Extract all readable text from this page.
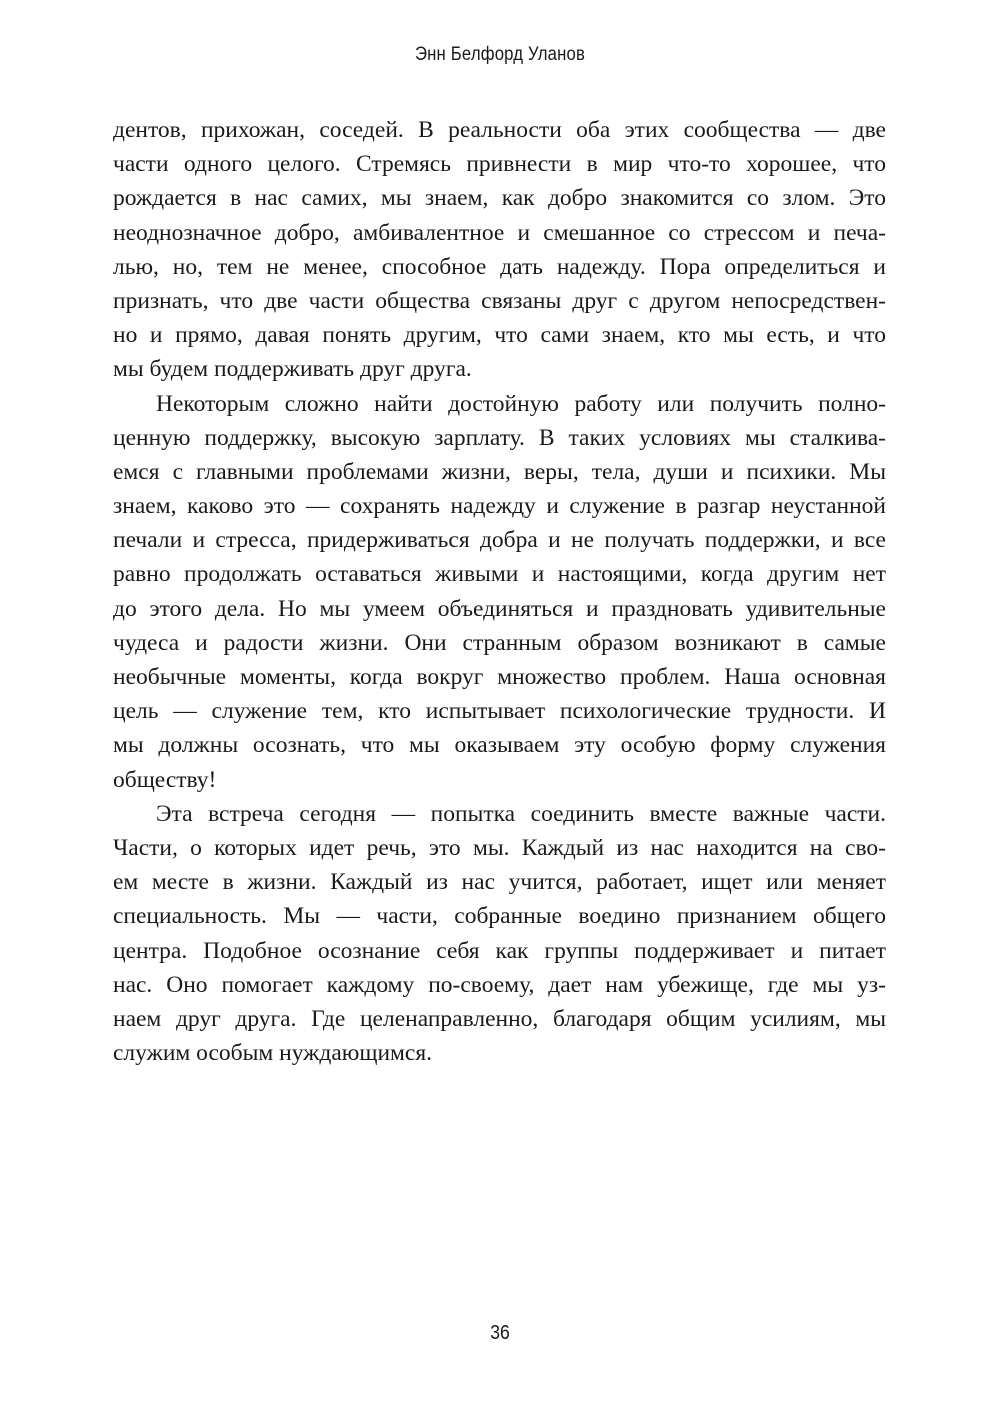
Энн Белфорд Уланов
дентов, прихожан, соседей. В реальности оба этих сообщества — две
части одного целого. Стремясь привнести в мир что-то хорошее, что
рождается в нас самих, мы знаем, как добро знакомится со злом. Это
неоднозначное добро, амбивалентное и смешанное со стрессом и печа-
лью, но, тем не менее, способное дать надежду. Пора определиться и
признать, что две части общества связаны друг с другом непосредствен-
но и прямо, давая понять другим, что сами знаем, кто мы есть, и что
мы будем поддерживать друг друга.
Некоторым сложно найти достойную работу или получить полно-
ценную поддержку, высокую зарплату. В таких условиях мы сталкива-
емся с главными проблемами жизни, веры, тела, души и психики. Мы
знаем, каково это — сохранять надежду и служение в разгар неустанной
печали и стресса, придерживаться добра и не получать поддержки, и все
равно продолжать оставаться живыми и настоящими, когда другим нет
до этого дела. Но мы умеем объединяться и праздновать удивительные
чудеса и радости жизни. Они странным образом возникают в самые
необычные моменты, когда вокруг множество проблем. Наша основная
цель — служение тем, кто испытывает психологические трудности. И
мы должны осознать, что мы оказываем эту особую форму служения
обществу!
Эта встреча сегодня — попытка соединить вместе важные части.
Части, о которых идет речь, это мы. Каждый из нас находится на сво-
ем месте в жизни. Каждый из нас учится, работает, ищет или меняет
специальность. Мы — части, собранные воедино признанием общего
центра. Подобное осознание себя как группы поддерживает и питает
нас. Оно помогает каждому по-своему, дает нам убежище, где мы уз-
наем друг друга. Где целенаправленно, благодаря общим усилиям, мы
служим особым нуждающимся.
36
